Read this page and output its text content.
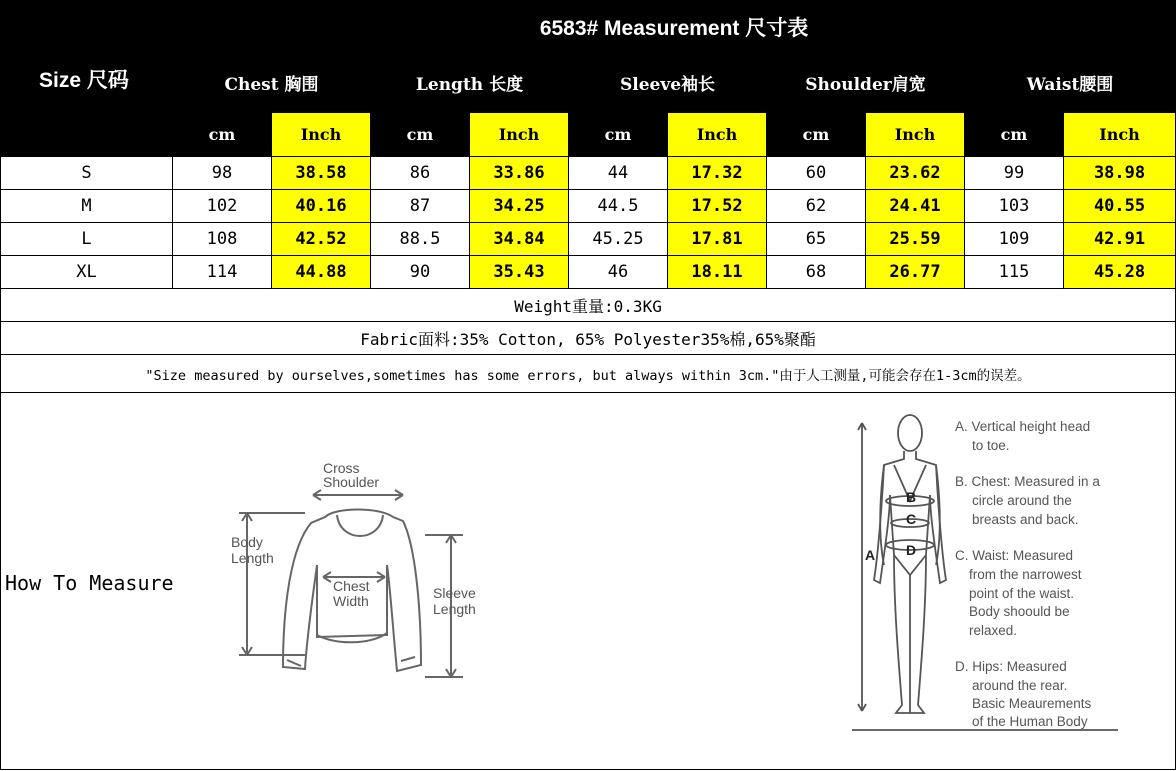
Size 尺码	6583# Measurement 尺寸表									
	Chest 胸围		Length 长度		Sleeve袖长		Shoulder肩宽		Waist腰围	
	cm	Inch	cm	Inch	cm	Inch	cm	Inch	cm	Inch
S	98	38.58	86	33.86	44	17.32	60	23.62	99	38.98
M	102	40.16	87	34.25	44.5	17.52	62	24.41	103	40.55
L	108	42.52	88.5	34.84	45.25	17.81	65	25.59	109	42.91
XL	114	44.88	90	35.43	46	18.11	68	26.77	115	45.28
Weight重量:0.3KG										
Fabric面料:35% Cotton, 65% Polyester35%棉,65%聚酯										
"Size measured by ourselves,sometimes has some errors, but always within 3cm."由于人工测量,可能会存在1-3cm的误差。										
How To Measure
Cross
Shoulder
Body
Length
Chest
Width	Sleeve
Length
A
B
C
D
A. Vertical height head
to toe.
B. Chest: Measured in a
circle around the
breasts and back.
C. Waist: Measured
from the narrowest
point of the waist.
Body shoould be
relaxed.
D. Hips: Measured
around the rear.
Basic Meaurements
of the Human Body
